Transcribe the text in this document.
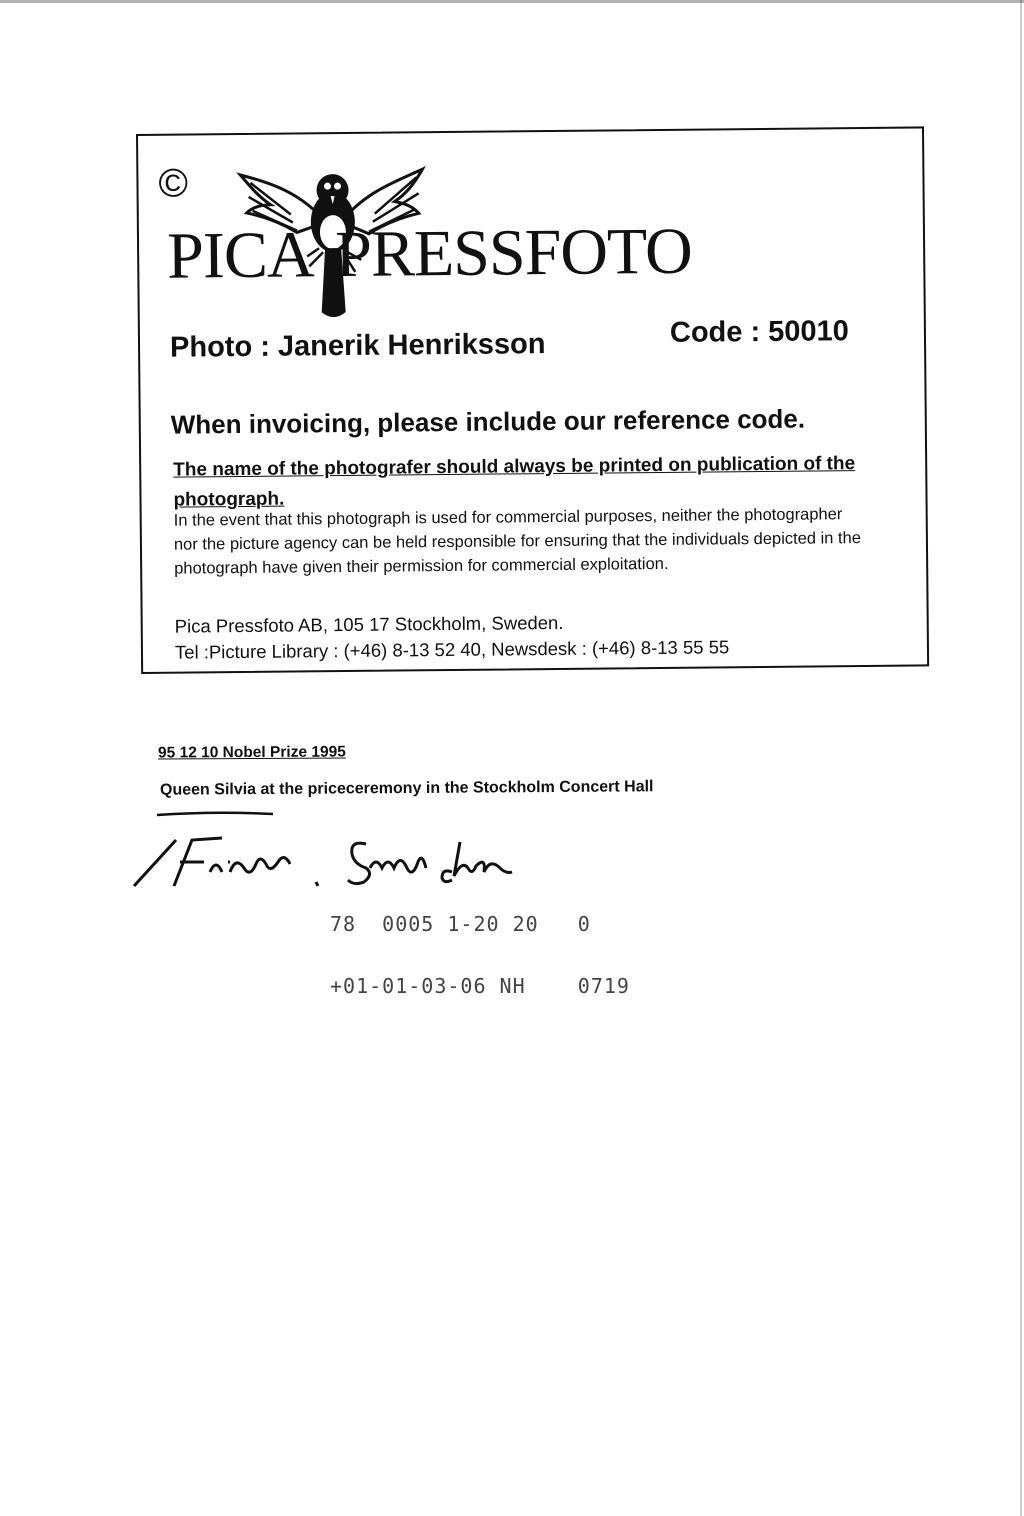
©
PICA PRESSFOTO
Photo : Janerik Henriksson	Code : 50010
When invoicing, please include our reference code.
The name of the photografer should always be printed on publication of the photograph.
In the event that this photograph is used for commercial purposes, neither the photographer nor the picture agency can be held responsible for ensuring that the individuals depicted in the photograph have given their permission for commercial exploitation.
Pica Pressfoto AB, 105 17 Stockholm, Sweden.
Tel :Picture Library : (+46) 8-13 52 40, Newsdesk : (+46) 8-13 55 55
95 12 10 Nobel Prize 1995
Queen Silvia at the priceceremony in the Stockholm Concert Hall
78  0005 1-20 20   0
+01-01-03-06 NH    0719
